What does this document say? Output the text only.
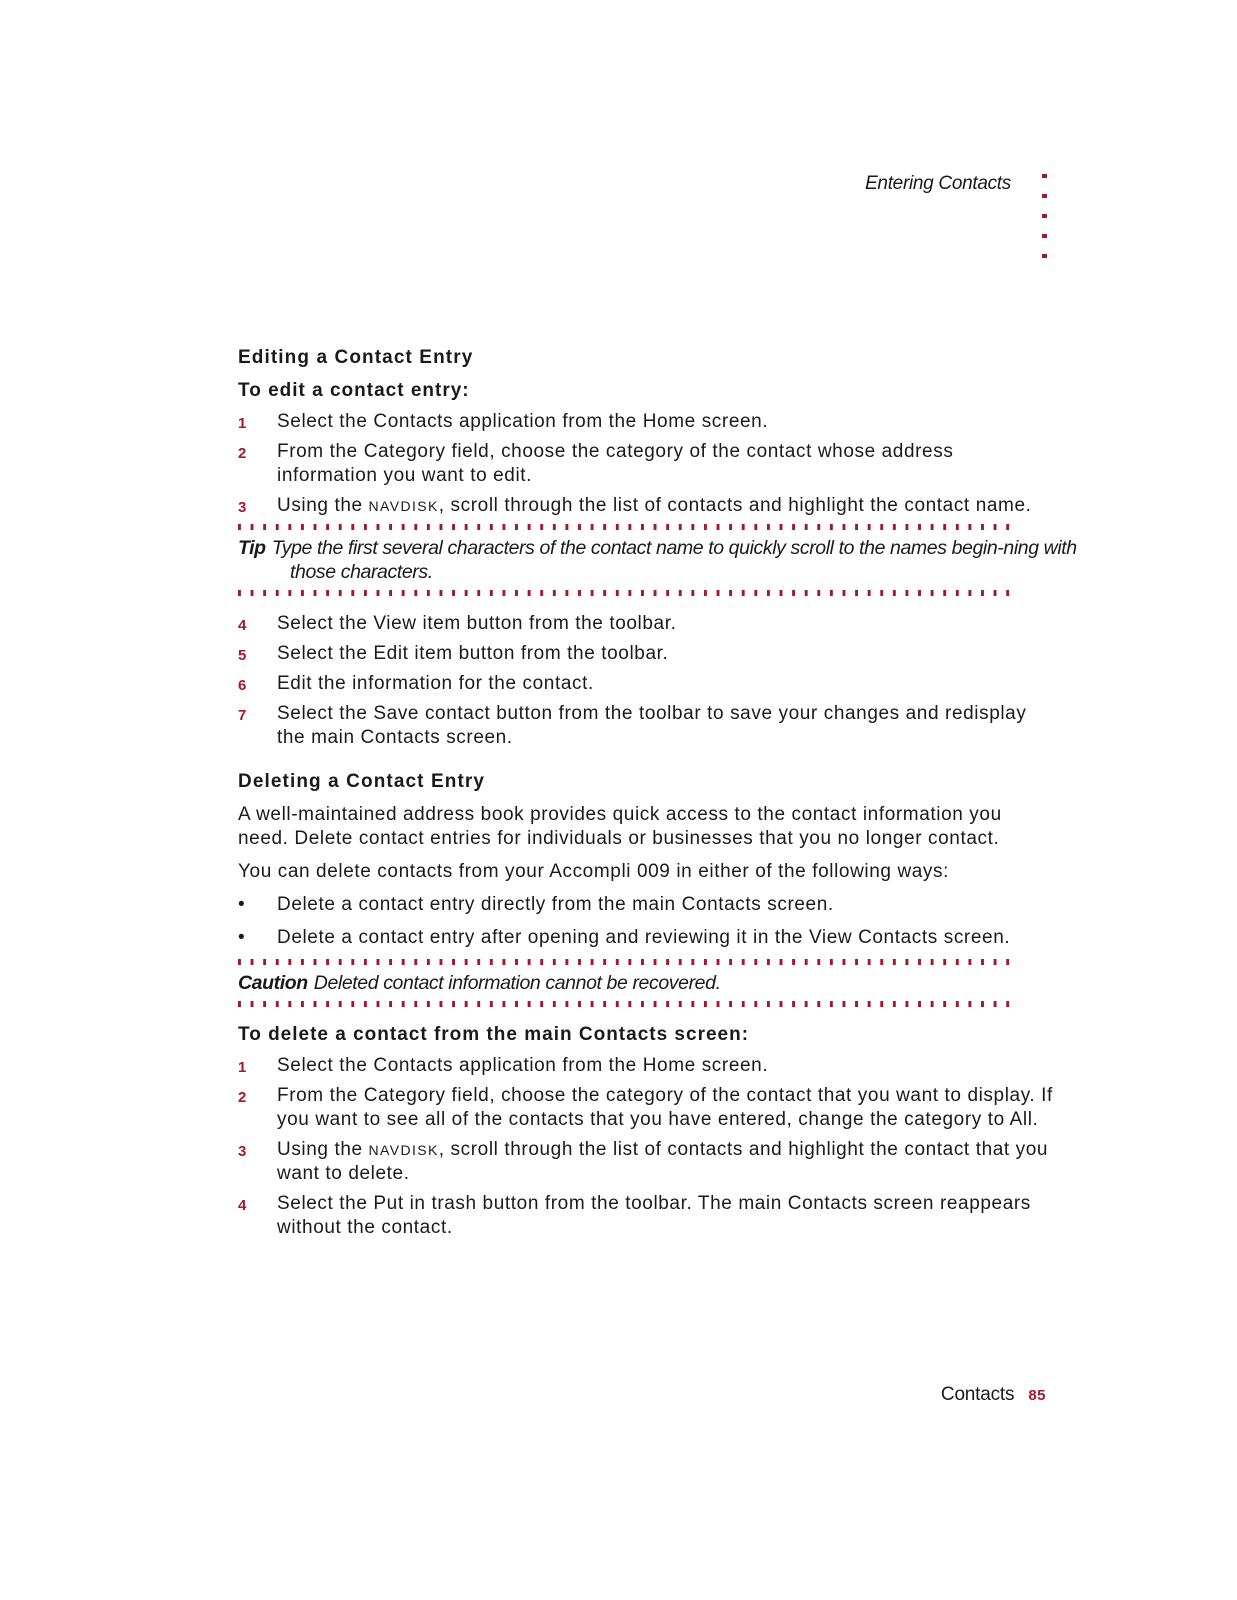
Entering Contacts
Editing a Contact Entry
To edit a contact entry:
1 Select the Contacts application from the Home screen.
2 From the Category field, choose the category of the contact whose address information you want to edit.
3 Using the NAVDISK, scroll through the list of contacts and highlight the contact name.
Tip Type the first several characters of the contact name to quickly scroll to the names begin-ning with those characters.
4 Select the View item button from the toolbar.
5 Select the Edit item button from the toolbar.
6 Edit the information for the contact.
7 Select the Save contact button from the toolbar to save your changes and redisplay the main Contacts screen.
Deleting a Contact Entry

A well-maintained address book provides quick access to the contact information you need. Delete contact entries for individuals or businesses that you no longer contact.

You can delete contacts from your Accompli 009 in either of the following ways:

• Delete a contact entry directly from the main Contacts screen.
• Delete a contact entry after opening and reviewing it in the View Contacts screen.
Caution Deleted contact information cannot be recovered.
To delete a contact from the main Contacts screen:
1 Select the Contacts application from the Home screen.
2 From the Category field, choose the category of the contact that you want to display. If you want to see all of the contacts that you have entered, change the category to All.
3 Using the NAVDISK, scroll through the list of contacts and highlight the contact that you want to delete.
4 Select the Put in trash button from the toolbar. The main Contacts screen reappears without the contact.
Contacts 85
